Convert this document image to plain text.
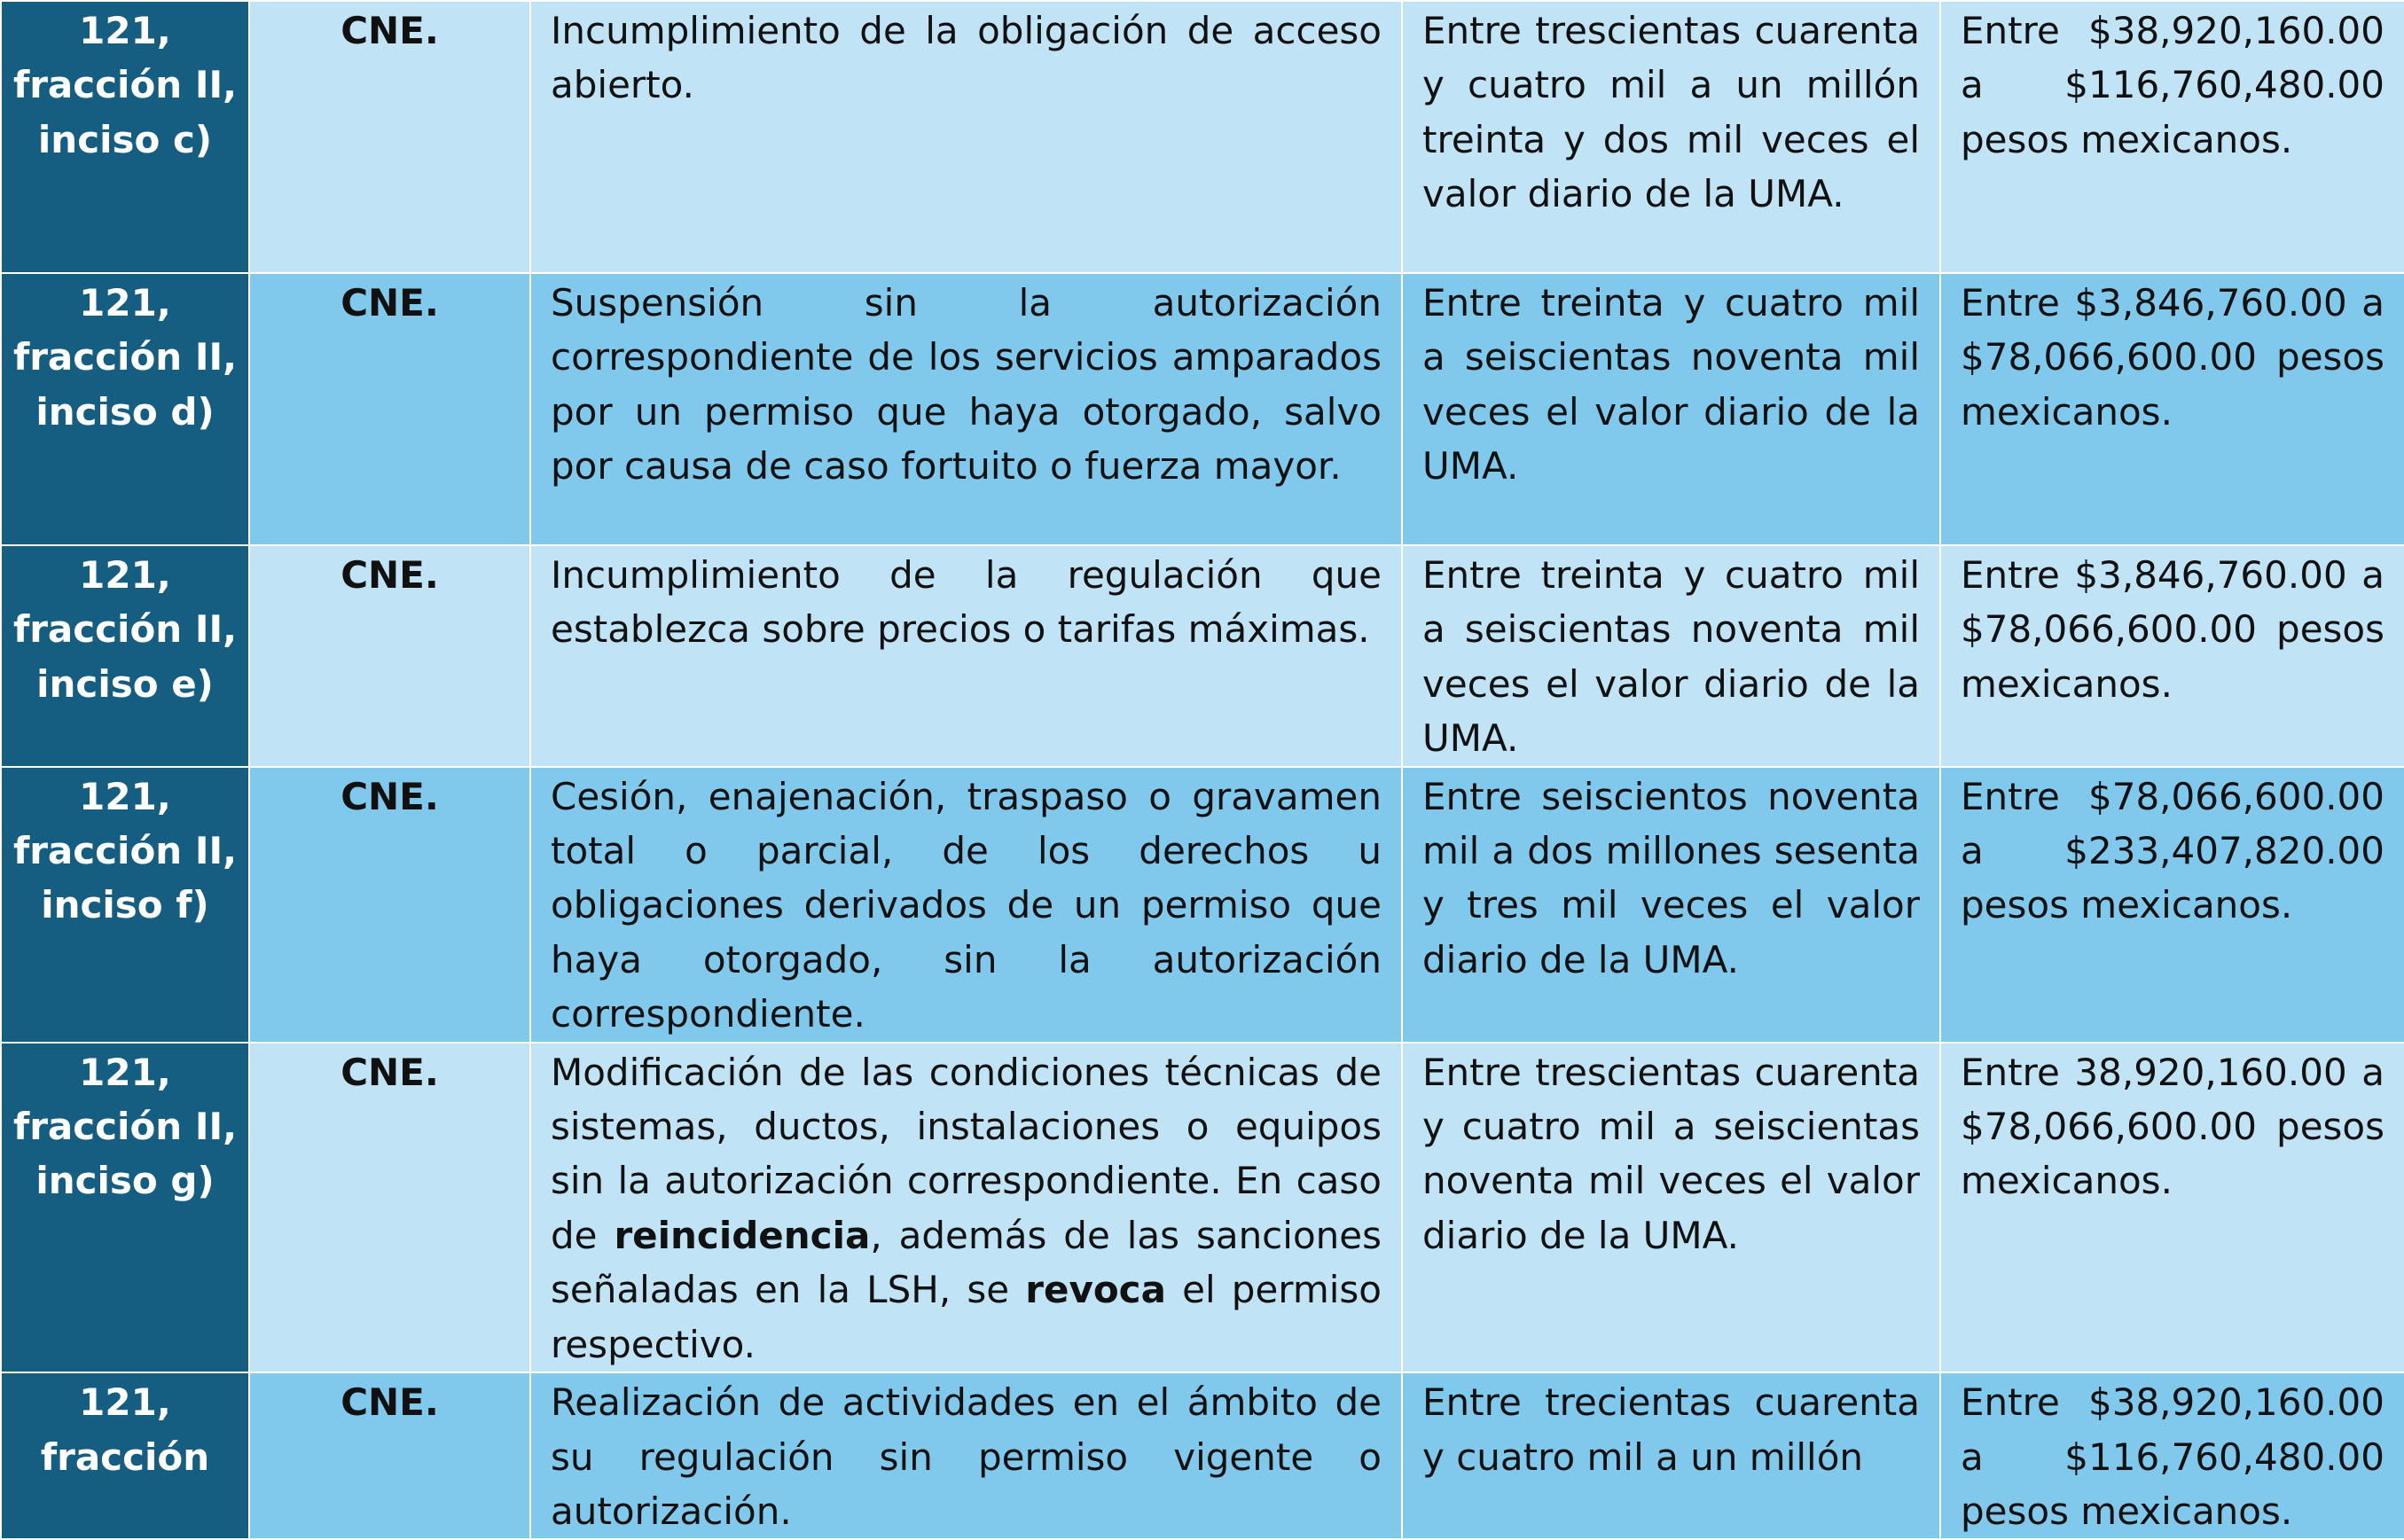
121, fracción II, inciso c)	CNE.	Incumplimiento de la obligación de acceso abierto.	Entre trescientas cuarenta y cuatro mil a un millón treinta y dos mil veces el valor diario de la UMA.	Entre $38,920,160.00 a $116,760,480.00 pesos mexicanos.
121, fracción II, inciso d)	CNE.	Suspensión sin la autorización correspondiente de los servicios amparados por un permiso que haya otorgado, salvo por causa de caso fortuito o fuerza mayor.	Entre treinta y cuatro mil a seiscientas noventa mil veces el valor diario de la UMA.	Entre $3,846,760.00 a $78,066,600.00 pesos mexicanos.
121, fracción II, inciso e)	CNE.	Incumplimiento de la regulación que establezca sobre precios o tarifas máximas.	Entre treinta y cuatro mil a seiscientas noventa mil veces el valor diario de la UMA.	Entre $3,846,760.00 a $78,066,600.00 pesos mexicanos.
121, fracción II, inciso f)	CNE.	Cesión, enajenación, traspaso o gravamen total o parcial, de los derechos u obligaciones derivados de un permiso que haya otorgado, sin la autorización correspondiente.	Entre seiscientos noventa mil a dos millones sesenta y tres mil veces el valor diario de la UMA.	Entre $78,066,600.00 a $233,407,820.00 pesos mexicanos.
121, fracción II, inciso g)	CNE.	Modificación de las condiciones técnicas de sistemas, ductos, instalaciones o equipos sin la autorización correspondiente. En caso de reincidencia, además de las sanciones señaladas en la LSH, se revoca el permiso respectivo.	Entre trescientas cuarenta y cuatro mil a seiscientas noventa mil veces el valor diario de la UMA.	Entre 38,920,160.00 a $78,066,600.00 pesos mexicanos.
121, fracción	CNE.	Realización de actividades en el ámbito de su regulación sin permiso vigente o autorización.	Entre trecientas cuarenta y cuatro mil a un millón	Entre $38,920,160.00 a $116,760,480.00 pesos mexicanos.
